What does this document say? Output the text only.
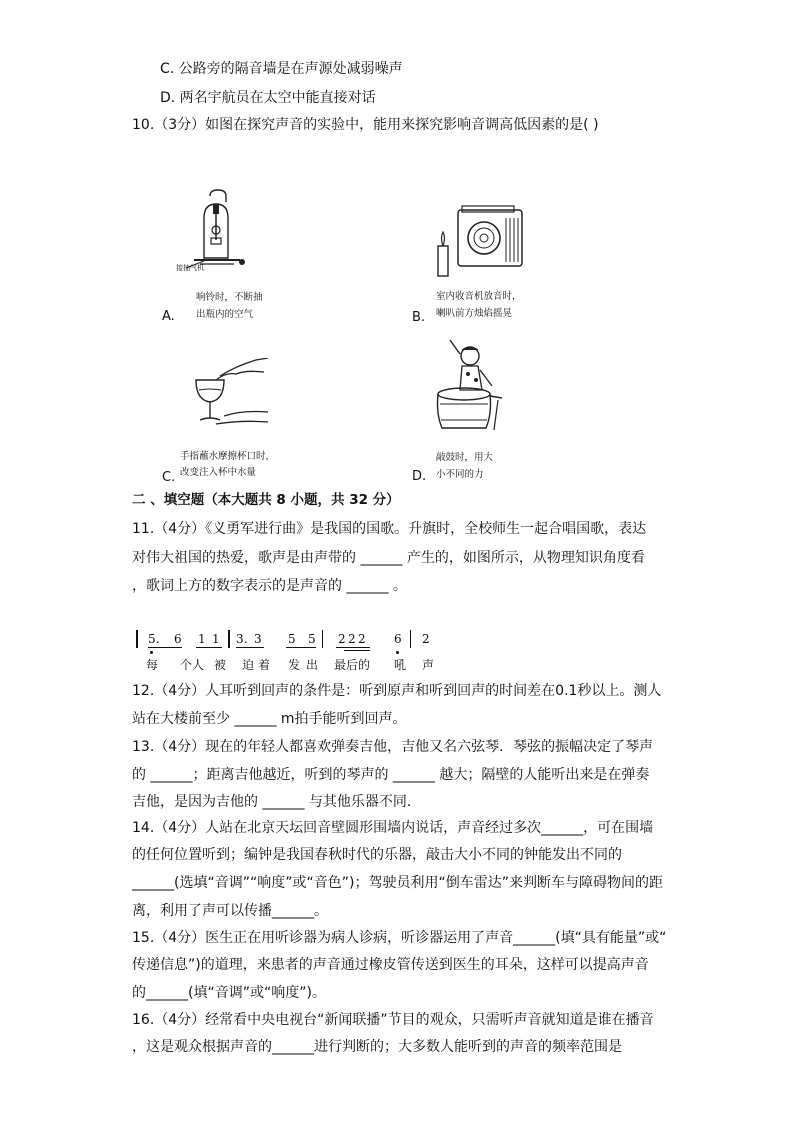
C. 公路旁的隔音墙是在声源处减弱噪声
D. 两名宇航员在太空中能直接对话
10.（3分）如图在探究声音的实验中，能用来探究影响音调高低因素的是( )
接抽气机
响铃时，不断抽
出瓶内的空气
A.
室内收音机放音时，
喇叭前方烛焰摇晃
B.
手指蘸水摩擦杯口时，
改变注入杯中水量
C.
敲鼓时，用大
小不同的力
D.
二 、填空题（本大题共 8 小题，共 32 分）
11.（4分）《义勇军进行曲》是我国的国歌。升旗时，全校师生一起合唱国歌，表达
对伟大祖国的热爱，歌声是由声带的 ______ 产生的，如图所示，从物理知识角度看
，歌词上方的数字表示的是声音的 ______ 。
5 . 6 1 1 3 . 3 5 5 2 2 2 6 2
每 个人 被 迫 着 发 出 最后的 吼 声
12.（4分）人耳听到回声的条件是：听到原声和听到回声的时间差在0.1秒以上。测人
站在大楼前至少 ______ m拍手能听到回声。
13.（4分）现在的年轻人都喜欢弹奏吉他，吉他又名六弦琴．琴弦的振幅决定了琴声
的 ______；距离吉他越近，听到的琴声的 ______ 越大；隔壁的人能听出来是在弹奏
吉他，是因为吉他的 ______ 与其他乐器不同．
14.（4分）人站在北京天坛回音壁圆形围墙内说话，声音经过多次______，可在围墙
的任何位置听到；编钟是我国春秋时代的乐器，敲击大小不同的钟能发出不同的
______(选填“音调”“响度”或“音色”)；驾驶员利用“倒车雷达”来判断车与障碍物间的距
离，利用了声可以传播______。
15.（4分）医生正在用听诊器为病人诊病，听诊器运用了声音______(填“具有能量”或“
传递信息”)的道理，来患者的声音通过橡皮管传送到医生的耳朵，这样可以提高声音
的______(填“音调”或“响度”)。
16.（4分）经常看中央电视台“新闻联播”节目的观众，只需听声音就知道是谁在播音
，这是观众根据声音的______进行判断的；大多数人能听到的声音的频率范围是
